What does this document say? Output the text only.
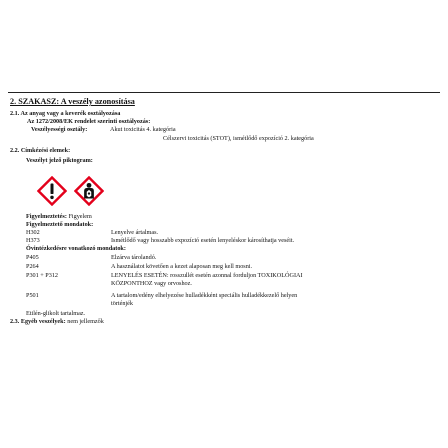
2. SZAKASZ: A veszély azonosítása
2.1. Az anyag vagy a keverék osztályozása
Az 1272/2008/EK rendelet szerinti osztályozás:
Veszélyességi osztály:	Akut toxicitás 4. kategória
Célszervi toxicitás (STOT), ismétlődő expozíció 2. kategória
2.2. Címkézési elemek:
Veszélyt jelző piktogram:
Figyelmeztetés: Figyelem
Figyelmeztető mondatok:
H302	Lenyelve ártalmas.
H373	Ismétlődő vagy hosszabb expozíció esetén lenyeléskor károsíthatja veséit.
Óvintézkedésre vonatkozó mondatok:
P405	Elzárva tárolandó.
P264	A használatot követően a kezet alaposan meg kell mosni.
P301 + P312	LENYELÉS ESETÉN: rosszullét esetén azonnal forduljon TOXIKOLÓGIAI
KÖZPONTHOZ vagy orvoshoz.
P501	A tartalom/edény elhelyezése hulladékként speciális hulladékkezelő helyen
történjék
Etilén-glikolt tartalmaz.
2.3. Egyéb veszélyek: nem jellemzők
